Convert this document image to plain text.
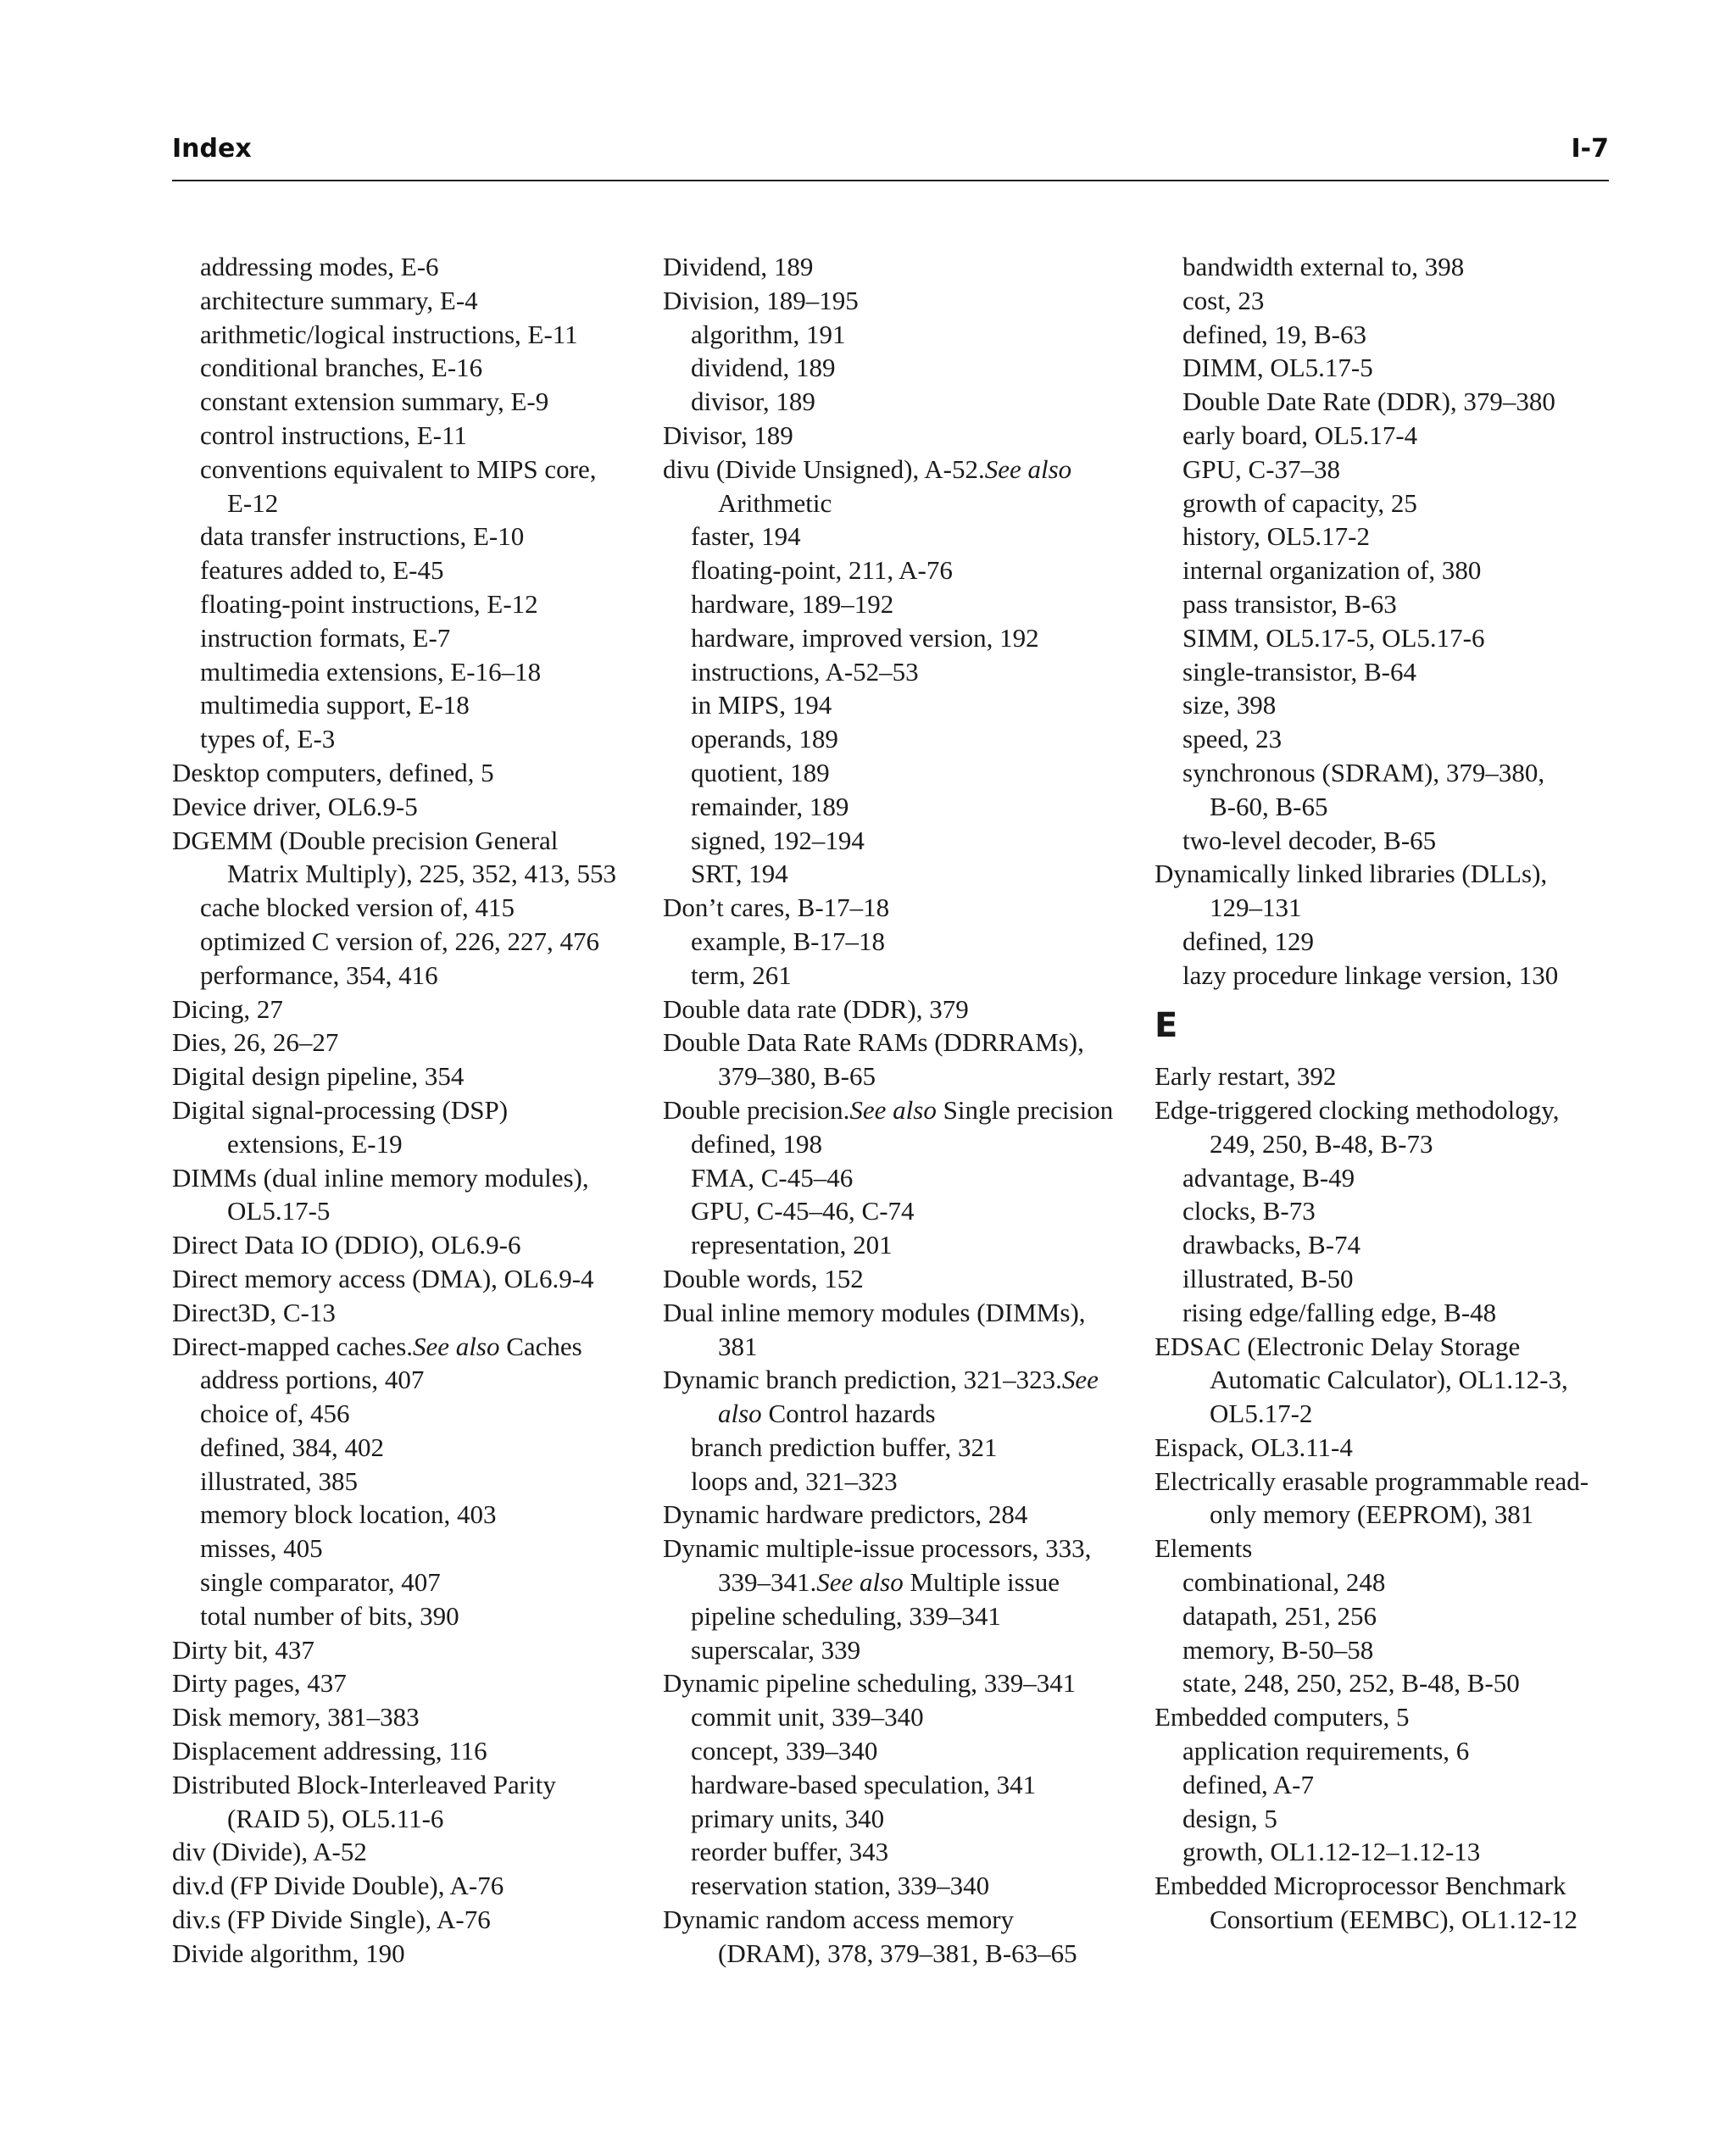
Index	I-7
addressing modes, E-6
architecture summary, E-4
arithmetic/logical instructions, E-11
conditional branches, E-16
constant extension summary, E-9
control instructions, E-11
conventions equivalent to MIPS core,
E-12
data transfer instructions, E-10
features added to, E-45
floating-point instructions, E-12
instruction formats, E-7
multimedia extensions, E-16–18
multimedia support, E-18
types of, E-3
Desktop computers, defined, 5
Device driver, OL6.9-5
DGEMM (Double precision General
Matrix Multiply), 225, 352, 413, 553
cache blocked version of, 415
optimized C version of, 226, 227, 476
performance, 354, 416
Dicing, 27
Dies, 26, 26–27
Digital design pipeline, 354
Digital signal-processing (DSP)
extensions, E-19
DIMMs (dual inline memory modules),
OL5.17-5
Direct Data IO (DDIO), OL6.9-6
Direct memory access (DMA), OL6.9-4
Direct3D, C-13
Direct-mapped caches.See also Caches
address portions, 407
choice of, 456
defined, 384, 402
illustrated, 385
memory block location, 403
misses, 405
single comparator, 407
total number of bits, 390
Dirty bit, 437
Dirty pages, 437
Disk memory, 381–383
Displacement addressing, 116
Distributed Block-Interleaved Parity
(RAID 5), OL5.11-6
div (Divide), A-52
div.d (FP Divide Double), A-76
div.s (FP Divide Single), A-76
Divide algorithm, 190
Dividend, 189
Division, 189–195
algorithm, 191
dividend, 189
divisor, 189
Divisor, 189
divu (Divide Unsigned), A-52.See also
Arithmetic
faster, 194
floating-point, 211, A-76
hardware, 189–192
hardware, improved version, 192
instructions, A-52–53
in MIPS, 194
operands, 189
quotient, 189
remainder, 189
signed, 192–194
SRT, 194
Don’t cares, B-17–18
example, B-17–18
term, 261
Double data rate (DDR), 379
Double Data Rate RAMs (DDRRAMs),
379–380, B-65
Double precision.See also Single precision
defined, 198
FMA, C-45–46
GPU, C-45–46, C-74
representation, 201
Double words, 152
Dual inline memory modules (DIMMs),
381
Dynamic branch prediction, 321–323.See
also Control hazards
branch prediction buffer, 321
loops and, 321–323
Dynamic hardware predictors, 284
Dynamic multiple-issue processors, 333,
339–341.See also Multiple issue
pipeline scheduling, 339–341
superscalar, 339
Dynamic pipeline scheduling, 339–341
commit unit, 339–340
concept, 339–340
hardware-based speculation, 341
primary units, 340
reorder buffer, 343
reservation station, 339–340
Dynamic random access memory
(DRAM), 378, 379–381, B-63–65
bandwidth external to, 398
cost, 23
defined, 19, B-63
DIMM, OL5.17-5
Double Date Rate (DDR), 379–380
early board, OL5.17-4
GPU, C-37–38
growth of capacity, 25
history, OL5.17-2
internal organization of, 380
pass transistor, B-63
SIMM, OL5.17-5, OL5.17-6
single-transistor, B-64
size, 398
speed, 23
synchronous (SDRAM), 379–380,
B-60, B-65
two-level decoder, B-65
Dynamically linked libraries (DLLs),
129–131
defined, 129
lazy procedure linkage version, 130
E
Early restart, 392
Edge-triggered clocking methodology,
249, 250, B-48, B-73
advantage, B-49
clocks, B-73
drawbacks, B-74
illustrated, B-50
rising edge/falling edge, B-48
EDSAC (Electronic Delay Storage
Automatic Calculator), OL1.12-3,
OL5.17-2
Eispack, OL3.11-4
Electrically erasable programmable read-
only memory (EEPROM), 381
Elements
combinational, 248
datapath, 251, 256
memory, B-50–58
state, 248, 250, 252, B-48, B-50
Embedded computers, 5
application requirements, 6
defined, A-7
design, 5
growth, OL1.12-12–1.12-13
Embedded Microprocessor Benchmark
Consortium (EEMBC), OL1.12-12
